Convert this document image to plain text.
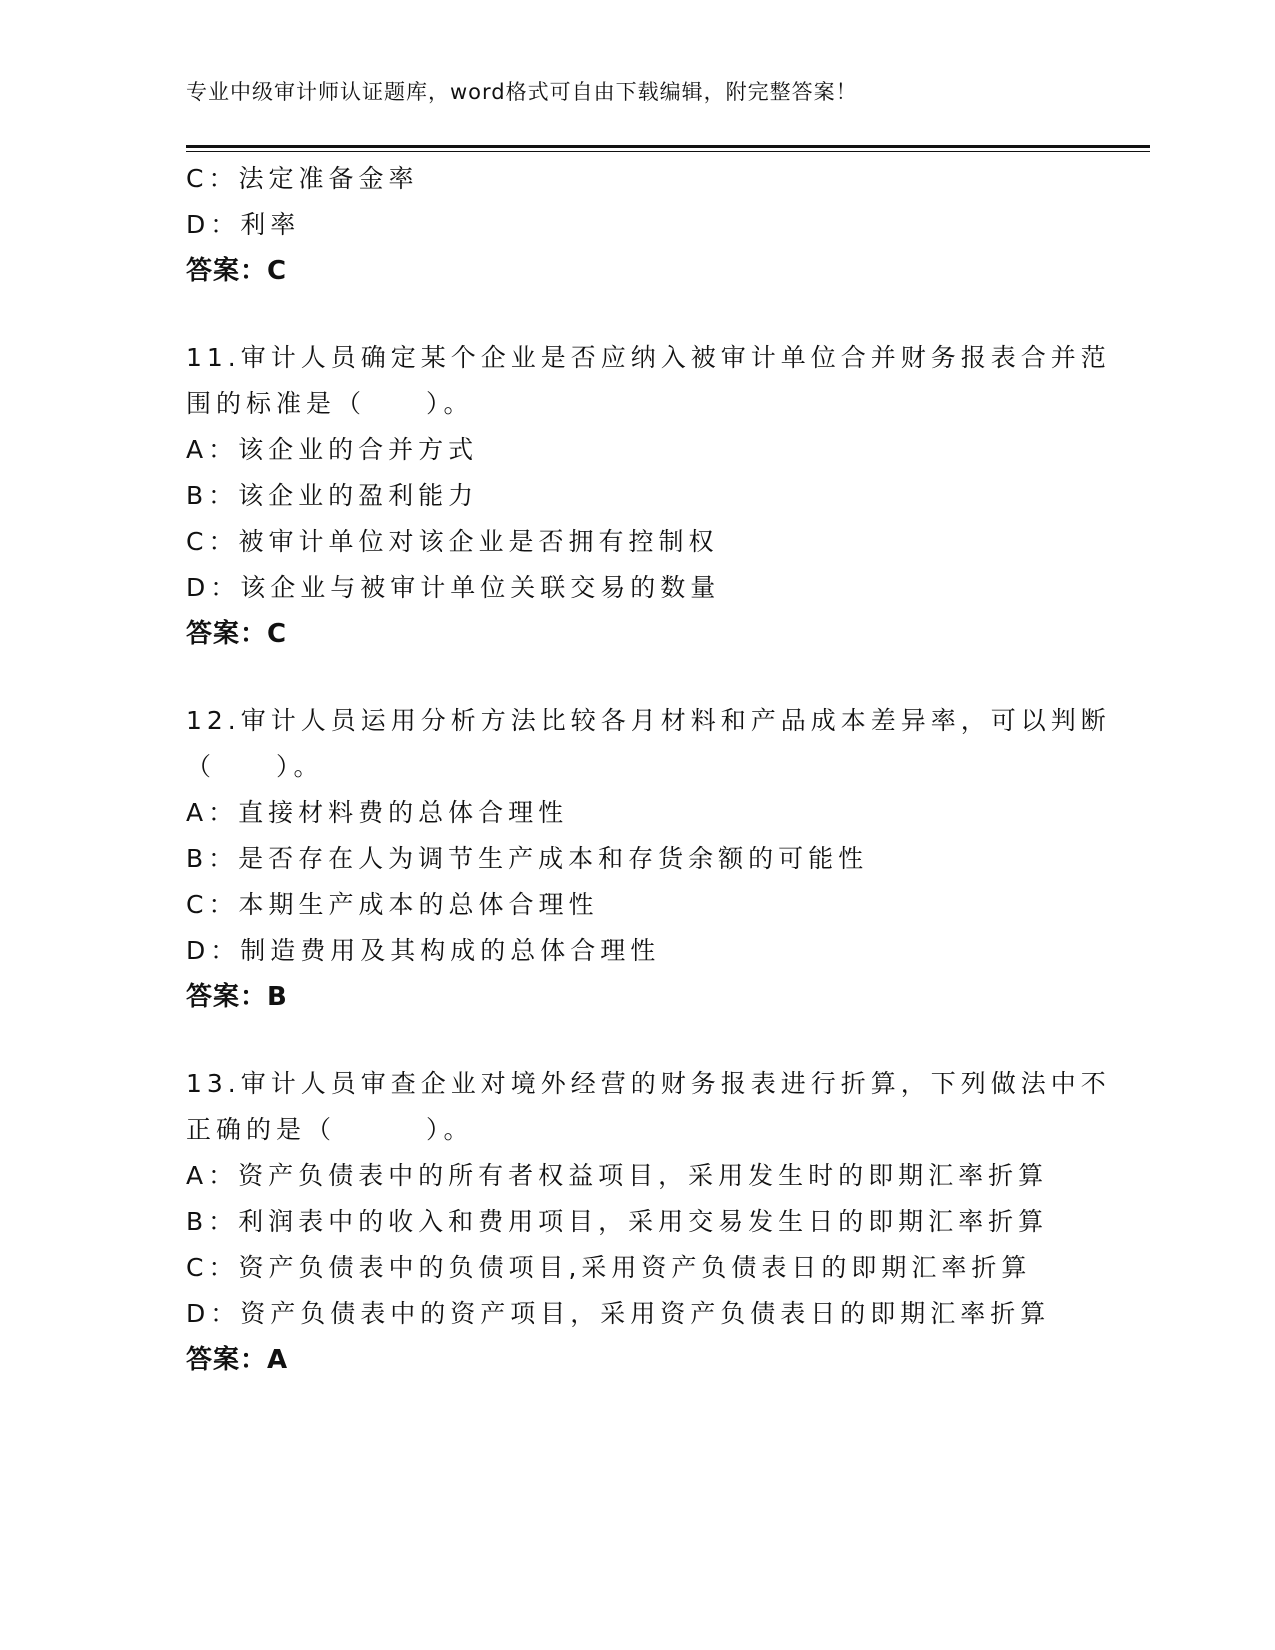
专业中级审计师认证题库，word格式可自由下载编辑，附完整答案！
C：法定准备金率
D：利率
答案：C
11.审计人员确定某个企业是否应纳入被审计单位合并财务报表合并范
围的标准是（　　）。
A：该企业的合并方式
B：该企业的盈利能力
C：被审计单位对该企业是否拥有控制权
D：该企业与被审计单位关联交易的数量
答案：C
12.审计人员运用分析方法比较各月材料和产品成本差异率，可以判断
（　　）。
A：直接材料费的总体合理性
B：是否存在人为调节生产成本和存货余额的可能性
C：本期生产成本的总体合理性
D：制造费用及其构成的总体合理性
答案：B
13.审计人员审查企业对境外经营的财务报表进行折算，下列做法中不
正确的是（　　　）。
A：资产负债表中的所有者权益项目，采用发生时的即期汇率折算
B：利润表中的收入和费用项目，采用交易发生日的即期汇率折算
C：资产负债表中的负债项目,采用资产负债表日的即期汇率折算
D：资产负债表中的资产项目，采用资产负债表日的即期汇率折算
答案：A
